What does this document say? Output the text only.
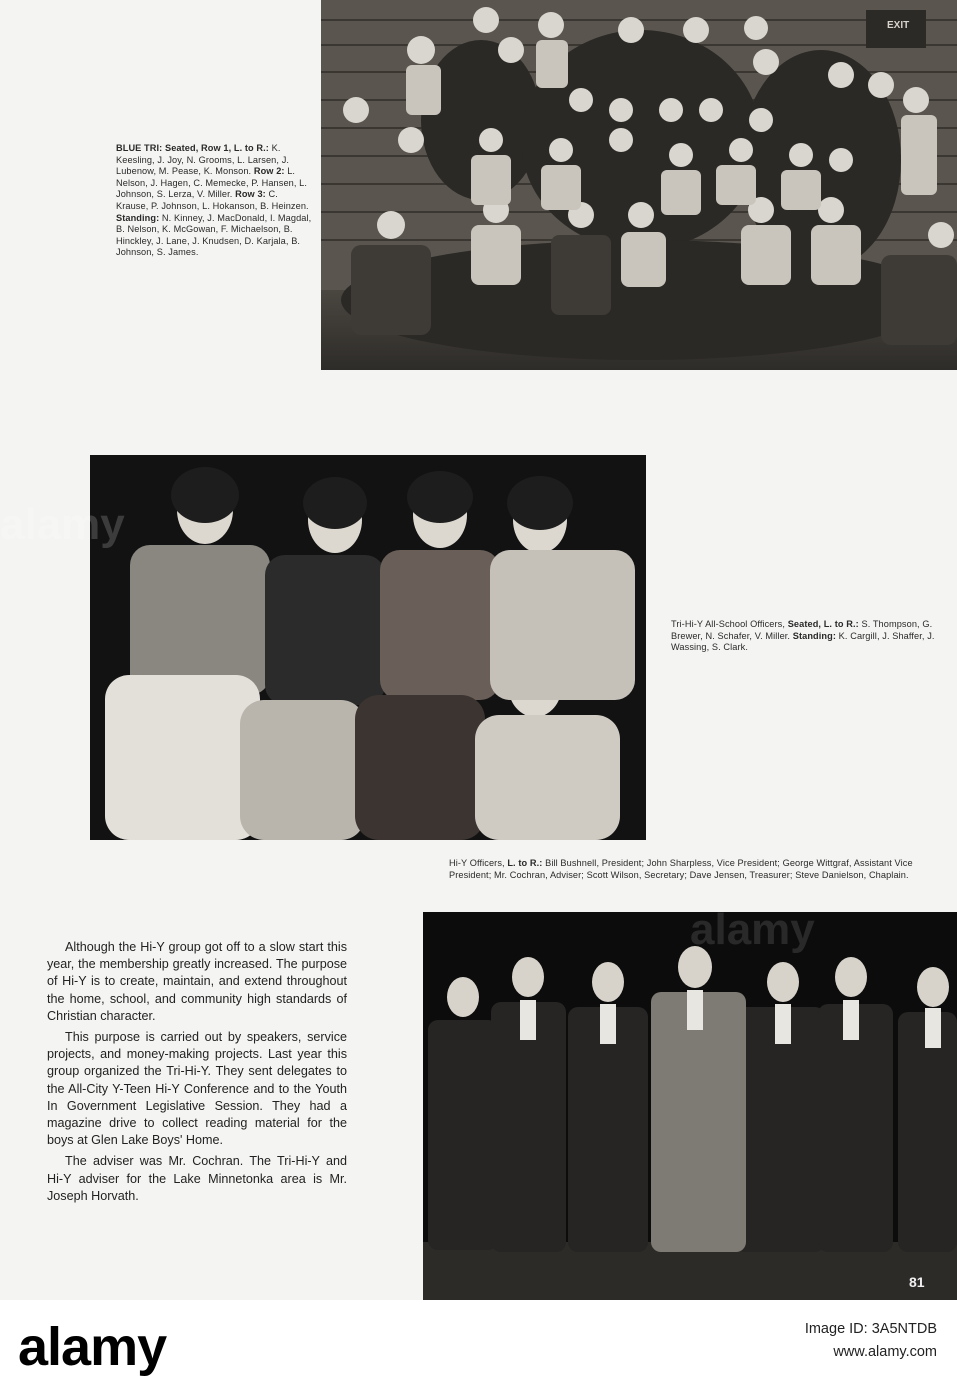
EXIT
BLUE TRI: Seated, Row 1, L. to R.: K. Keesling, J. Joy, N. Grooms, L. Larsen, J. Lubenow, M. Pease, K. Monson. Row 2: L. Nelson, J. Hagen, C. Memecke, P. Hansen, L. Johnson, S. Lerza, V. Miller. Row 3: C. Krause, P. Johnson, L. Hokanson, B. Heinzen. Standing: N. Kinney, J. MacDonald, I. Magdal, B. Nelson, K. McGowan, F. Michaelson, B. Hinckley, J. Lane, J. Knudsen, D. Karjala, B. Johnson, S. James.
Tri-Hi-Y All-School Officers, Seated, L. to R.: S. Thompson, G. Brewer, N. Schafer, V. Miller. Standing: K. Cargill, J. Shaffer, J. Wassing, S. Clark.
Hi-Y Officers, L. to R.: Bill Bushnell, President; John Sharpless, Vice President; George Wittgraf, Assistant Vice President; Mr. Cochran, Adviser; Scott Wilson, Secretary; Dave Jensen, Treasurer; Steve Danielson, Chaplain.
81

Although the Hi-Y group got off to a slow start this year, the membership greatly increased. The purpose of Hi-Y is to create, maintain, and extend throughout the home, school, and community high standards of Christian character.

This purpose is carried out by speakers, service projects, and money-making projects. Last year this group organized the Tri-Hi-Y. They sent delegates to the All-City Y-Teen Hi-Y Conference and to the Youth In Government Legislative Session. They had a magazine drive to collect reading material for the boys at Glen Lake Boys' Home.

The adviser was Mr. Cochran. The Tri-Hi-Y and Hi-Y adviser for the Lake Minnetonka area is Mr. Joseph Horvath.

alamy
alamy	Image ID: 3A5NTDB
www.alamy.com
